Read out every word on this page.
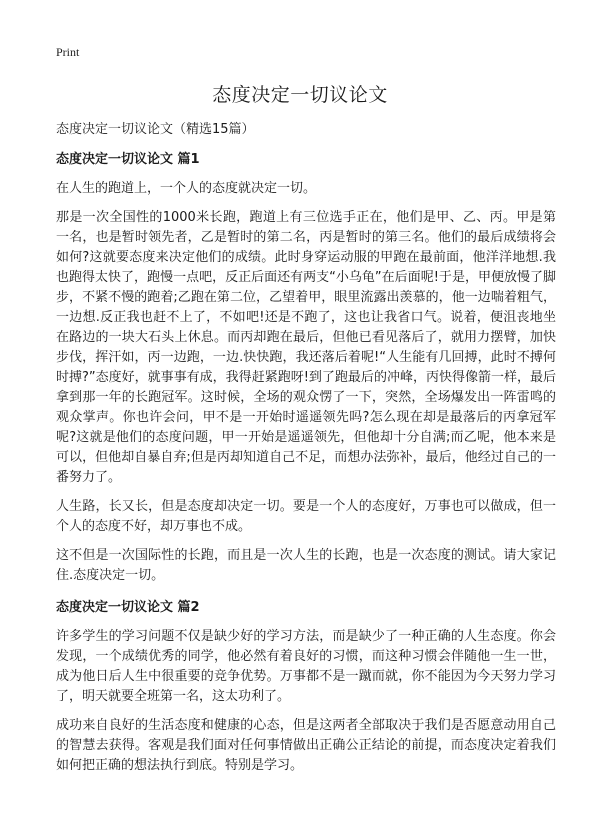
Print
态度决定一切议论文

态度决定一切议论文（精选15篇）

态度决定一切议论文 篇1

在人生的跑道上，一个人的态度就决定一切。

那是一次全国性的1000米长跑，跑道上有三位选手正在，他们是甲、乙、丙。甲是第一名，也是暂时领先者，乙是暂时的第二名，丙是暂时的第三名。他们的最后成绩将会如何?这就要态度来决定他们的成绩。此时身穿运动服的甲跑在最前面，他洋洋地想.我也跑得太快了，跑慢一点吧，反正后面还有两支“小乌龟”在后面呢!于是，甲便放慢了脚步，不紧不慢的跑着;乙跑在第二位，乙望着甲，眼里流露出羡慕的，他一边喘着粗气，一边想.反正我也赶不上了，不如吧!还是不跑了，这也让我省口气。说着，便沮丧地坐在路边的一块大石头上休息。而丙却跑在最后，但他已看见落后了，就用力摆臂，加快步伐，挥汗如，丙一边跑，一边.快快跑，我还落后着呢!“人生能有几回搏，此时不搏何时搏?”态度好，就事事有成，我得赶紧跑呀!到了跑最后的冲峰，丙快得像箭一样，最后拿到那一年的长跑冠军。这时候，全场的观众愣了一下，突然，全场爆发出一阵雷鸣的观众掌声。你也许会问，甲不是一开始时遥遥领先吗?怎么现在却是最落后的丙拿冠军呢?这就是他们的态度问题，甲一开始是遥遥领先，但他却十分自满;而乙呢，他本来是可以，但他却自暴自弃;但是丙却知道自己不足，而想办法弥补，最后，他经过自己的一番努力了。

人生路，长又长，但是态度却决定一切。要是一个人的态度好，万事也可以做成，但一个人的态度不好，却万事也不成。

这不但是一次国际性的长跑，而且是一次人生的长跑，也是一次态度的测试。请大家记住.态度决定一切。

态度决定一切议论文 篇2

许多学生的学习问题不仅是缺少好的学习方法，而是缺少了一种正确的人生态度。你会发现，一个成绩优秀的同学，他必然有着良好的习惯，而这种习惯会伴随他一生一世，成为他日后人生中很重要的竞争优势。万事都不是一蹴而就，你不能因为今天努力学习了，明天就要全班第一名，这太功利了。

成功来自良好的生活态度和健康的心态，但是这两者全部取决于我们是否愿意动用自己的智慧去获得。客观是我们面对任何事情做出正确公正结论的前提，而态度决定着我们如何把正确的想法执行到底。特别是学习。
